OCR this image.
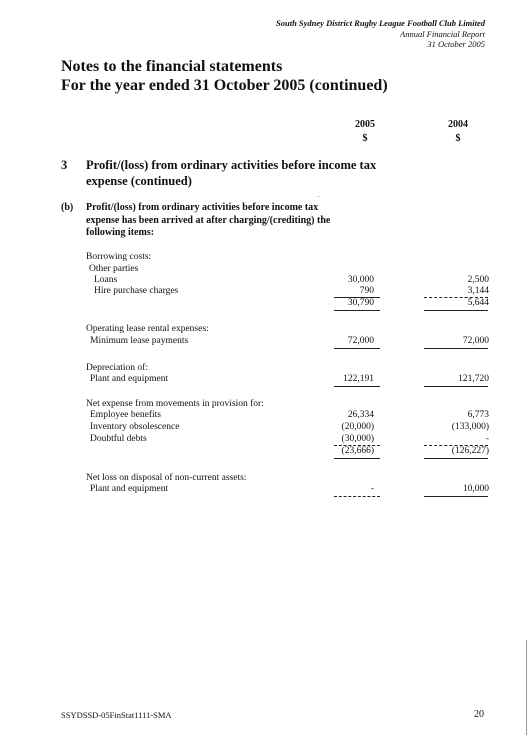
South Sydney District Rugby League Football Club Limited
Annual Financial Report
31 October 2005
Notes to the financial statements
For the year ended 31 October 2005 (continued)
2005
$
2004
$
3 Profit/(loss) from ordinary activities before income tax expense (continued)
(b) Profit/(loss) from ordinary activities before income tax expense has been arrived at after charging/(crediting) the following items:
Borrowing costs:
Other parties
Loans	30,000	2,500
Hire purchase charges	790	3,144
30,790	5,644
Operating lease rental expenses:
Minimum lease payments	72,000	72,000
Depreciation of:
Plant and equipment	122,191	121,720
Net expense from movements in provision for:
Employee benefits	26,334	6,773
Inventory obsolescence	(20,000)	(133,000)
Doubtful debts	(30,000)	-
(23,666)	(126,227)
Net loss on disposal of non-current assets:
Plant and equipment	-	10,000
SSYDSSD-05FinStat1111-SMA	20
